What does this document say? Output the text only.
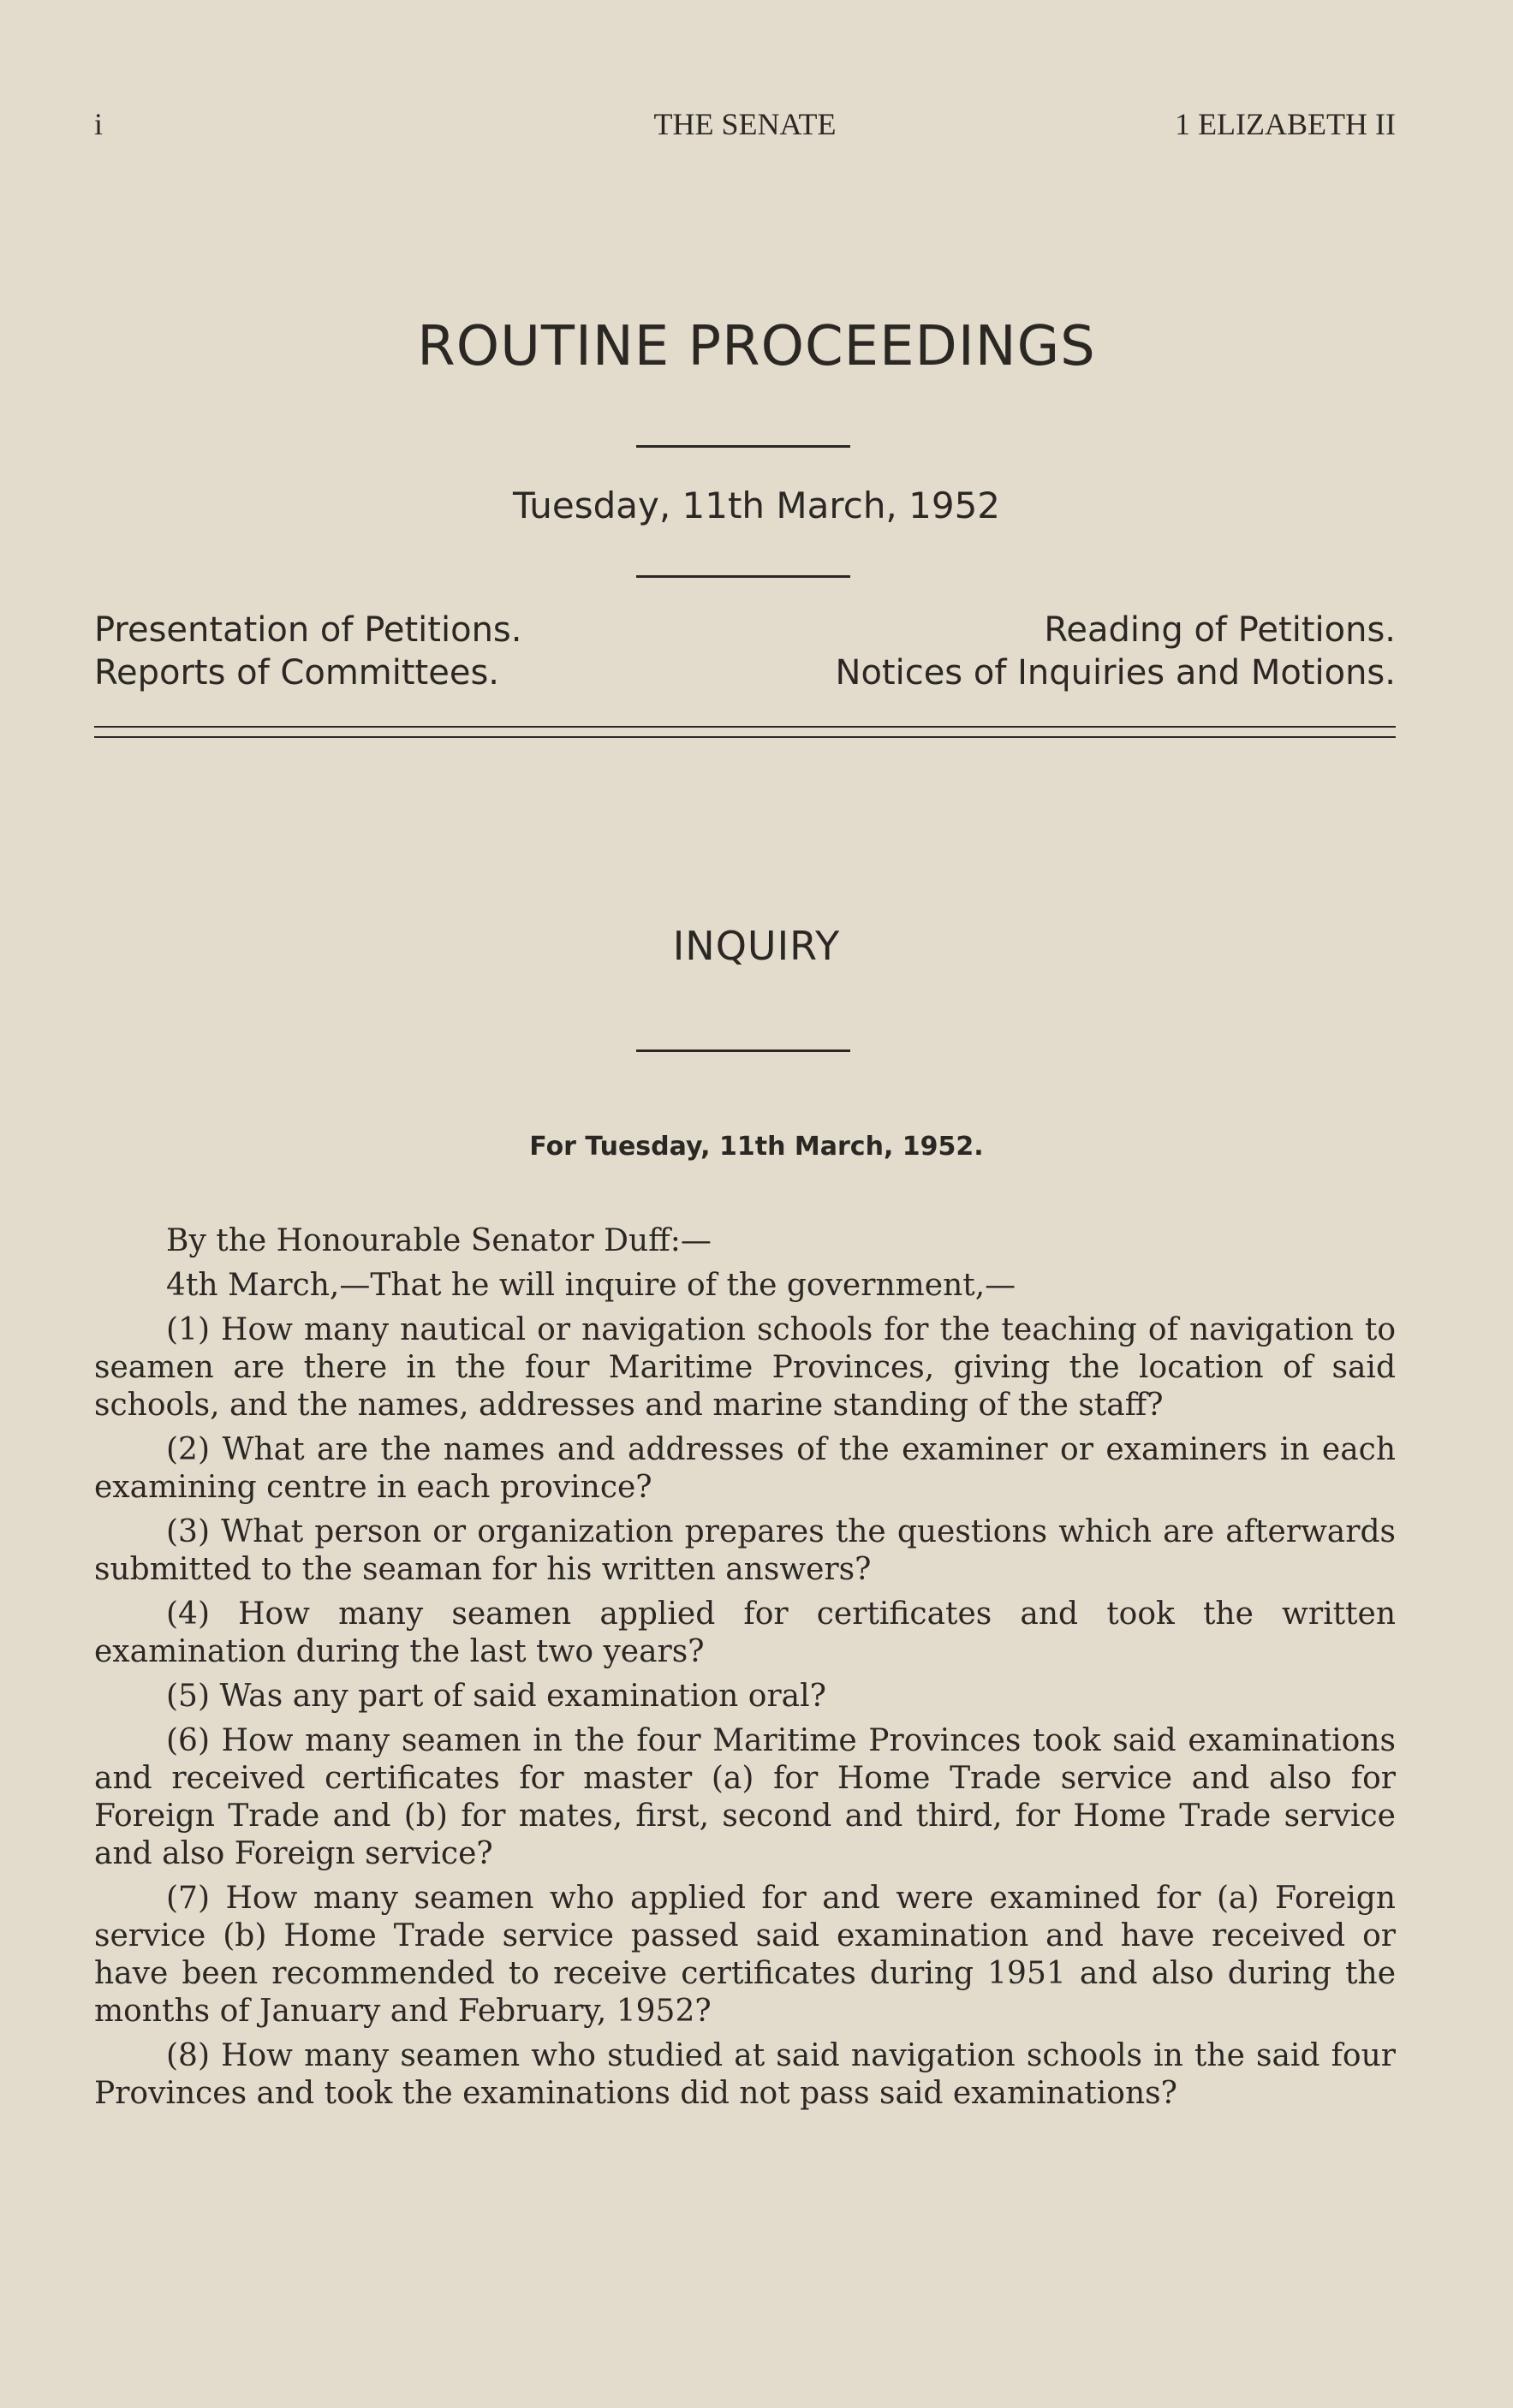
i	THE SENATE	1 ELIZABETH II
ROUTINE PROCEEDINGS
Tuesday, 11th March, 1952
Presentation of Petitions.	Reading of Petitions.
Reports of Committees.	Notices of Inquiries and Motions.
INQUIRY
For Tuesday, 11th March, 1952.

By the Honourable Senator Duff:—

4th March,—That he will inquire of the government,—

(1) How many nautical or navigation schools for the teaching of navigation to seamen are there in the four Maritime Provinces, giving the location of said schools, and the names, addresses and marine standing of the staff?

(2) What are the names and addresses of the examiner or examiners in each examining centre in each province?

(3) What person or organization prepares the questions which are afterwards submitted to the seaman for his written answers?

(4) How many seamen applied for certificates and took the written examination during the last two years?

(5) Was any part of said examination oral?

(6) How many seamen in the four Maritime Provinces took said examinations and received certificates for master (a) for Home Trade service and also for Foreign Trade and (b) for mates, first, second and third, for Home Trade service and also Foreign service?

(7) How many seamen who applied for and were examined for (a) Foreign service (b) Home Trade service passed said examination and have received or have been recommended to receive certificates during 1951 and also during the months of January and February, 1952?

(8) How many seamen who studied at said navigation schools in the said four Provinces and took the examinations did not pass said examinations?
